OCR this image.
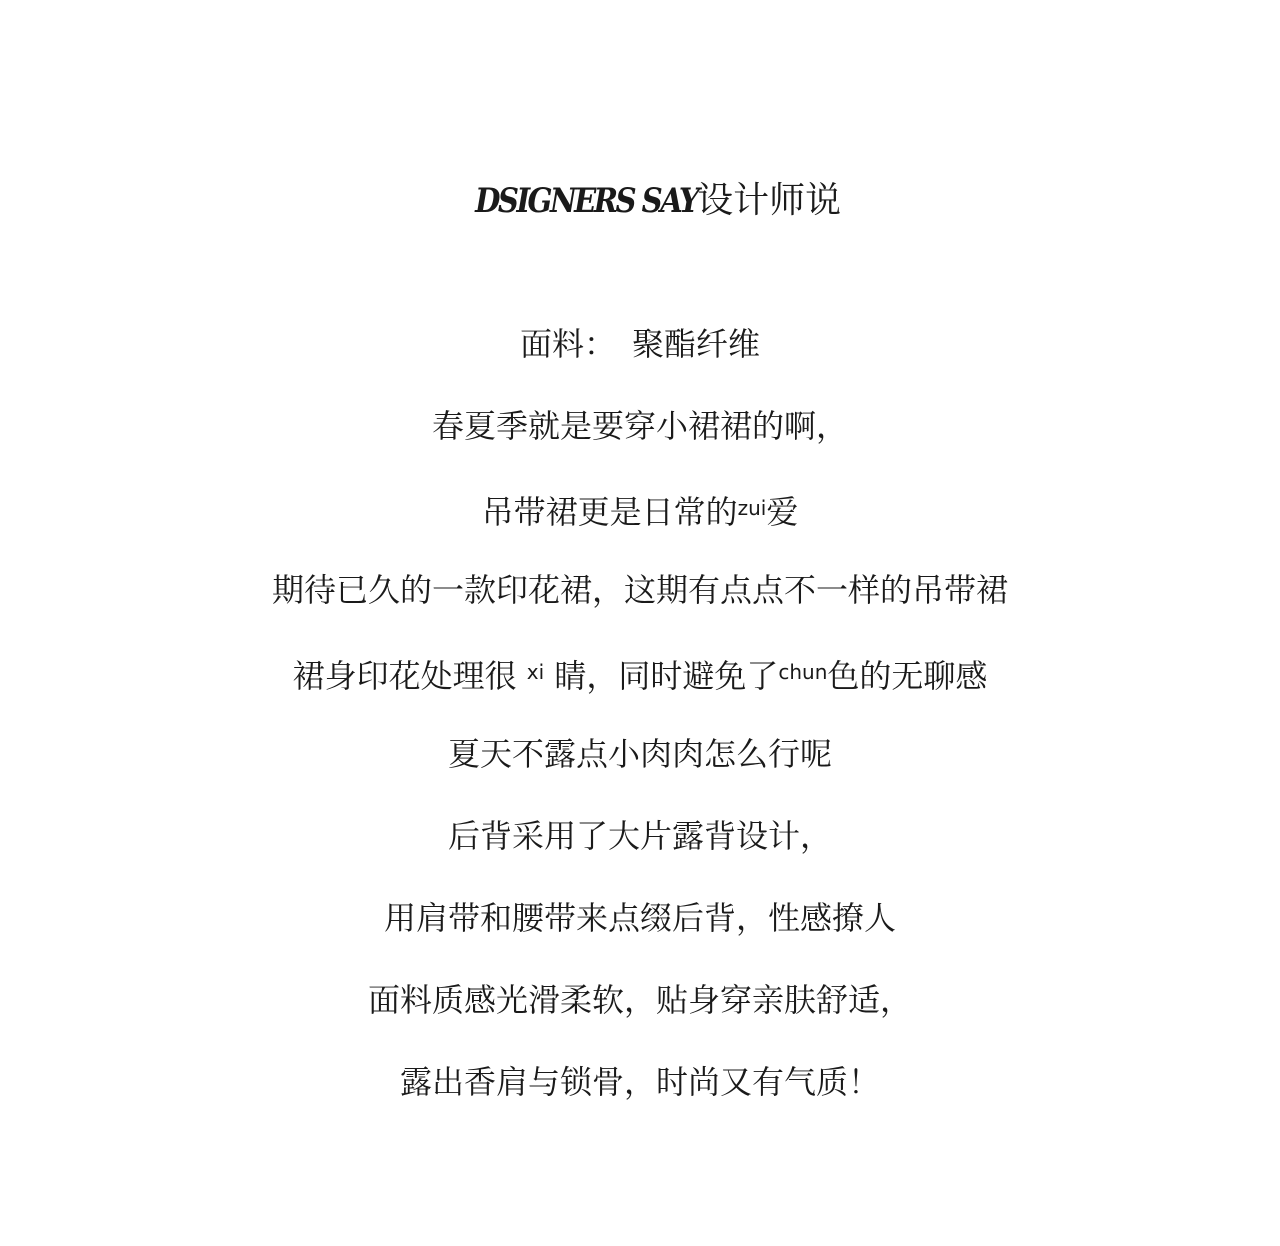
DSIGNERS SAY设计师说
面料：　聚酯纤维
春夏季就是要穿小裙裙的啊，
吊带裙更是日常的$^{zui}$爱
期待已久的一款印花裙，这期有点点不一样的吊带裙
裙身印花处理很 $^{xi}$ 睛，同时避免了$^{chun}$色的无聊感
夏天不露点小肉肉怎么行呢
后背采用了大片露背设计，
用肩带和腰带来点缀后背，性感撩人
面料质感光滑柔软，贴身穿亲肤舒适，
露出香肩与锁骨，时尚又有气质！
